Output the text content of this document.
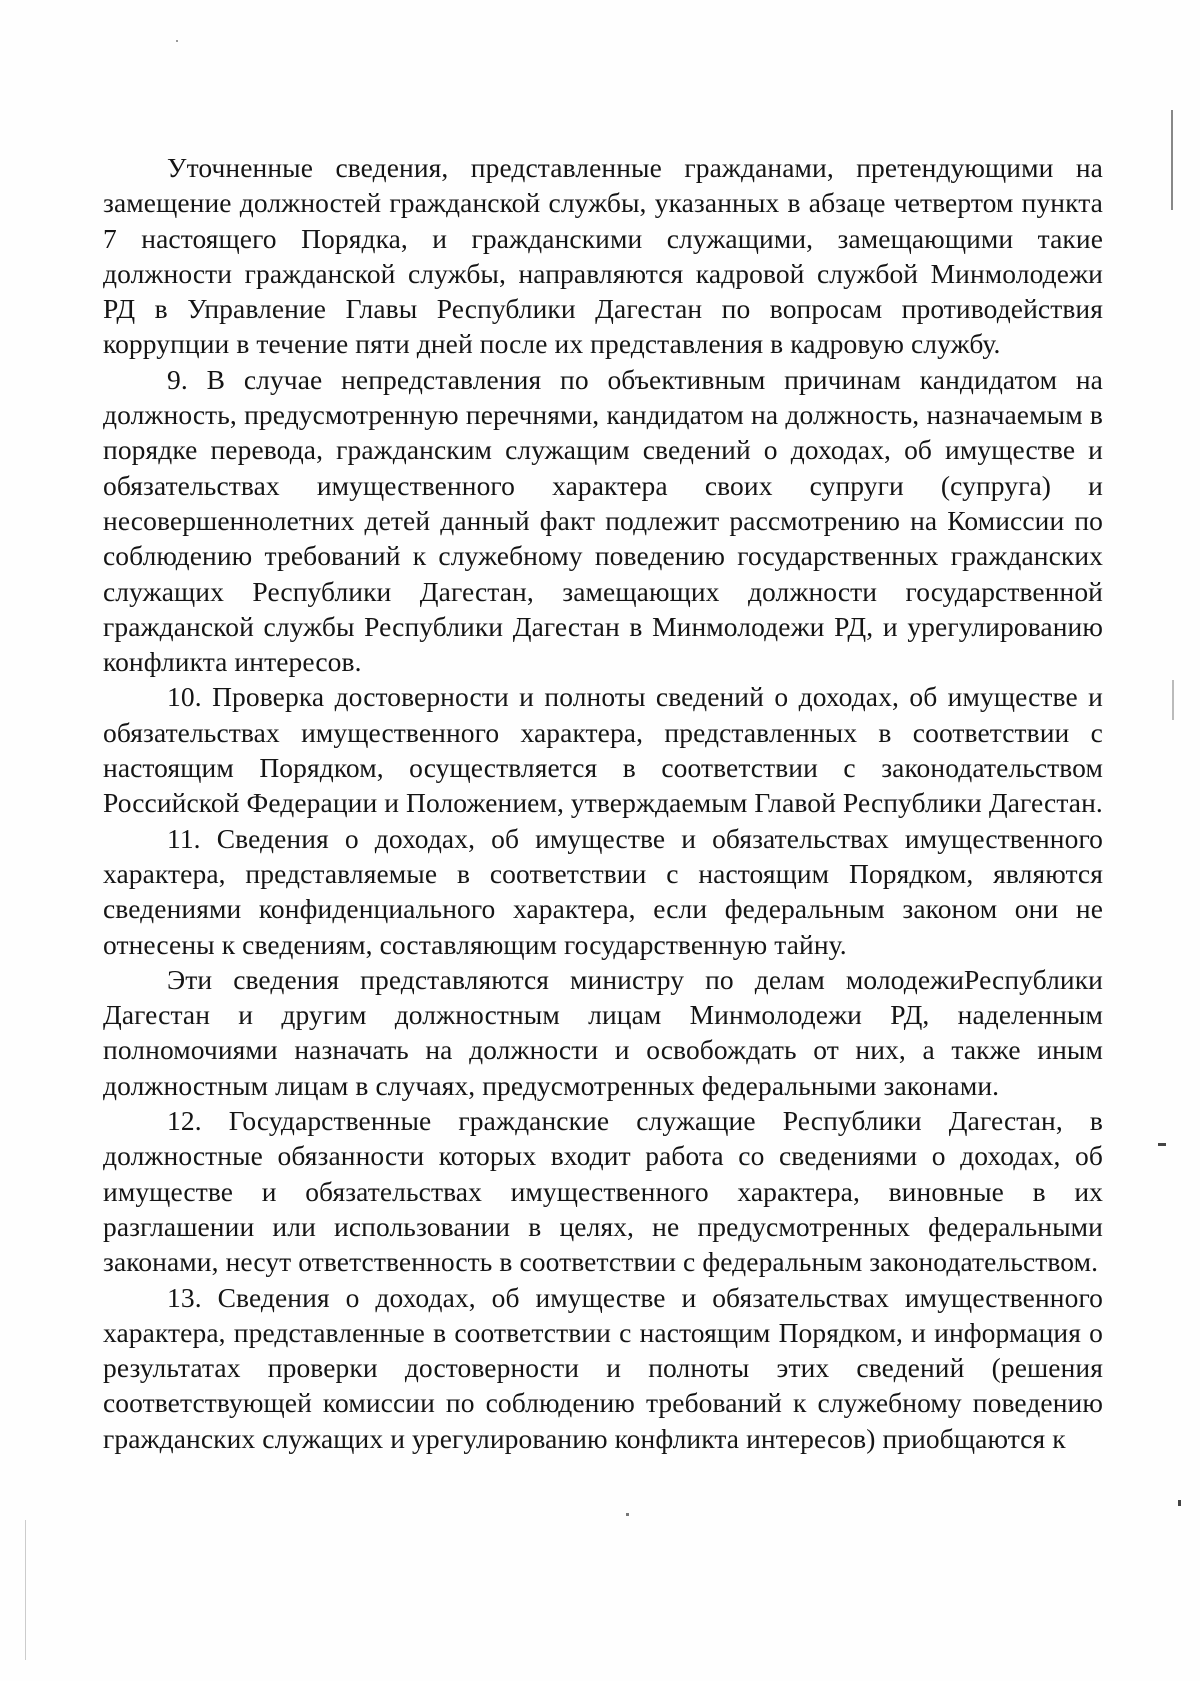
Уточненные сведения, представленные гражданами, претендующими на замещение должностей гражданской службы, указанных в абзаце четвертом пункта 7 настоящего Порядка, и гражданскими служащими, замещающими такие должности гражданской службы, направляются кадровой службой Минмолодежи РД в Управление Главы Республики Дагестан по вопросам противодействия коррупции в течение пяти дней после их представления в кадровую службу.

9. В случае непредставления по объективным причинам кандидатом на должность, предусмотренную перечнями, кандидатом на должность, назначаемым в порядке перевода, гражданским служащим сведений о доходах, об имуществе и обязательствах имущественного характера своих супруги (супруга) и несовершеннолетних детей данный факт подлежит рассмотрению на Комиссии по соблюдению требований к служебному поведению государственных гражданских служащих Республики Дагестан, замещающих должности государственной гражданской службы Республики Дагестан в Минмолодежи РД, и урегулированию конфликта интересов.

10. Проверка достоверности и полноты сведений о доходах, об имуществе и обязательствах имущественного характера, представленных в соответствии с настоящим Порядком, осуществляется в соответствии с законодательством Российской Федерации и Положением, утверждаемым Главой Республики Дагестан.

11. Сведения о доходах, об имуществе и обязательствах имущественного характера, представляемые в соответствии с настоящим Порядком, являются сведениями конфиденциального характера, если федеральным законом они не отнесены к сведениям, составляющим государственную тайну.

Эти сведения представляются министру по делам молодежиРеспублики Дагестан и другим должностным лицам Минмолодежи РД, наделенным полномочиями назначать на должности и освобождать от них, а также иным должностным лицам в случаях, предусмотренных федеральными законами.

12. Государственные гражданские служащие Республики Дагестан, в должностные обязанности которых входит работа со сведениями о доходах, об имуществе и обязательствах имущественного характера, виновные в их разглашении или использовании в целях, не предусмотренных федеральными законами, несут ответственность в соответствии с федеральным законодательством.

13. Сведения о доходах, об имуществе и обязательствах имущественного характера, представленные в соответствии с настоящим Порядком, и информация о результатах проверки достоверности и полноты этих сведений (решения соответствующей комиссии по соблюдению требований к служебному поведению гражданских служащих и урегулированию конфликта интересов) приобщаются к
